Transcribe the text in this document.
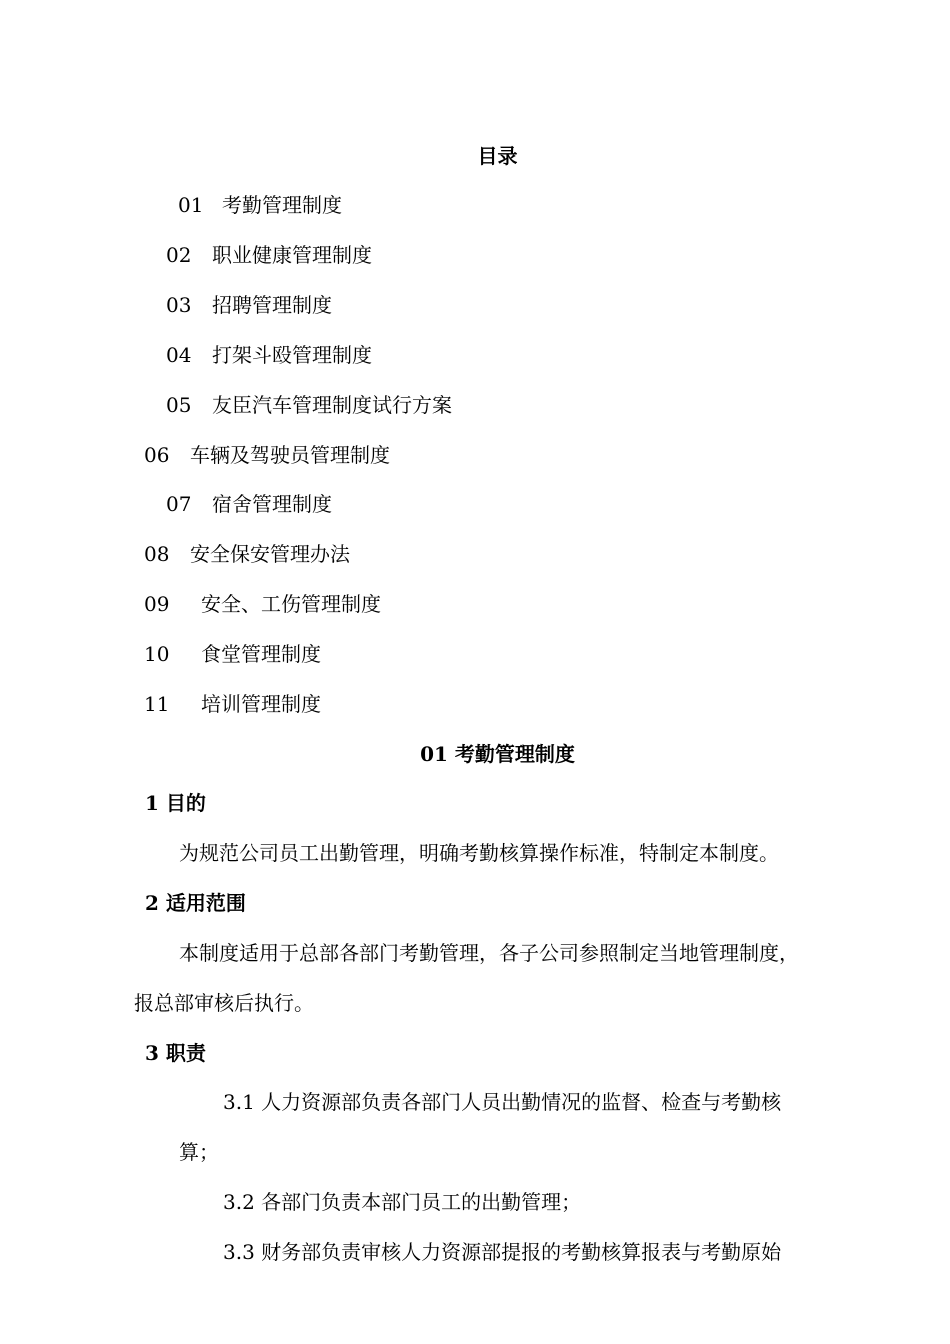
目录
01 考勤管理制度
02 职业健康管理制度
03 招聘管理制度
04 打架斗殴管理制度
05 友臣汽车管理制度试行方案
06 车辆及驾驶员管理制度
07 宿舍管理制度
08 安全保安管理办法
09 安全、工伤管理制度
10 食堂管理制度
11 培训管理制度
01 考勤管理制度
1 目的
为规范公司员工出勤管理，明确考勤核算操作标准，特制定本制度。
2 适用范围
本制度适用于总部各部门考勤管理，各子公司参照制定当地管理制度，
报总部审核后执行。
3 职责
3.1 人力资源部负责各部门人员出勤情况的监督、检查与考勤核
算；
3.2 各部门负责本部门员工的出勤管理；
3.3 财务部负责审核人力资源部提报的考勤核算报表与考勤原始
